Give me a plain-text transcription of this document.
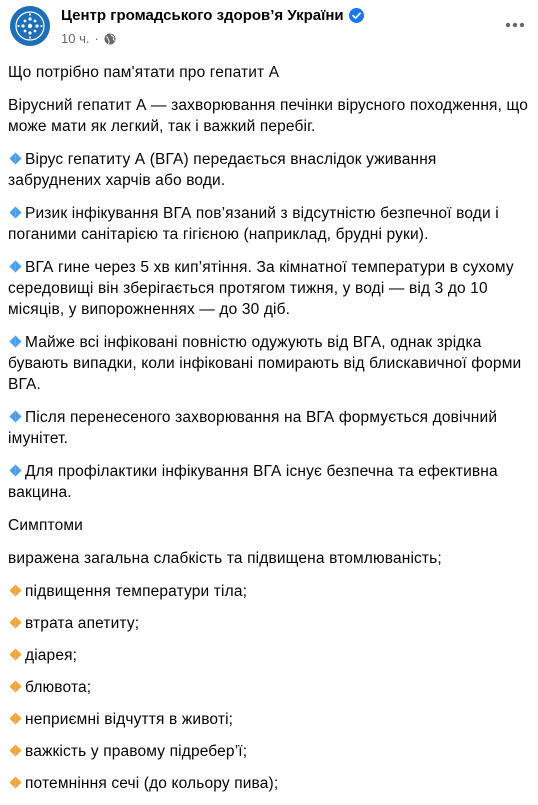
Центр громадського здоров’я України
10 ч. ·
Що потрібно пам'ятати про гепатит А
Вірусний гепатит А — захворювання печінки вірусного походження, що може мати як легкий, так і важкий перебіг.
Вірус гепатиту А (ВГА) передається внаслідок уживання забруднених харчів або води.
Ризик інфікування ВГА пов’язаний з відсутністю безпечної води і поганими санітарією та гігієною (наприклад, брудні руки).
ВГА гине через 5 хв кип’ятіння. За кімнатної температури в сухому середовищі він зберігається протягом тижня, у воді — від 3 до 10 місяців, у випорожненнях — до 30 діб.
Майже всі інфіковані повністю одужують від ВГА, однак зрідка бувають випадки, коли інфіковані помирають від блискавичної форми ВГА.
Після перенесеного захворювання на ВГА формується довічний імунітет.
Для профілактики інфікування ВГА існує безпечна та ефективна вакцина.
Симптоми
виражена загальна слабкість та підвищена втомлюваність;
підвищення температури тіла;
втрата апетиту;
діарея;
блювота;
неприємні відчуття в животі;
важкість у правому підребер’ї;
потемніння сечі (до кольору пива);
